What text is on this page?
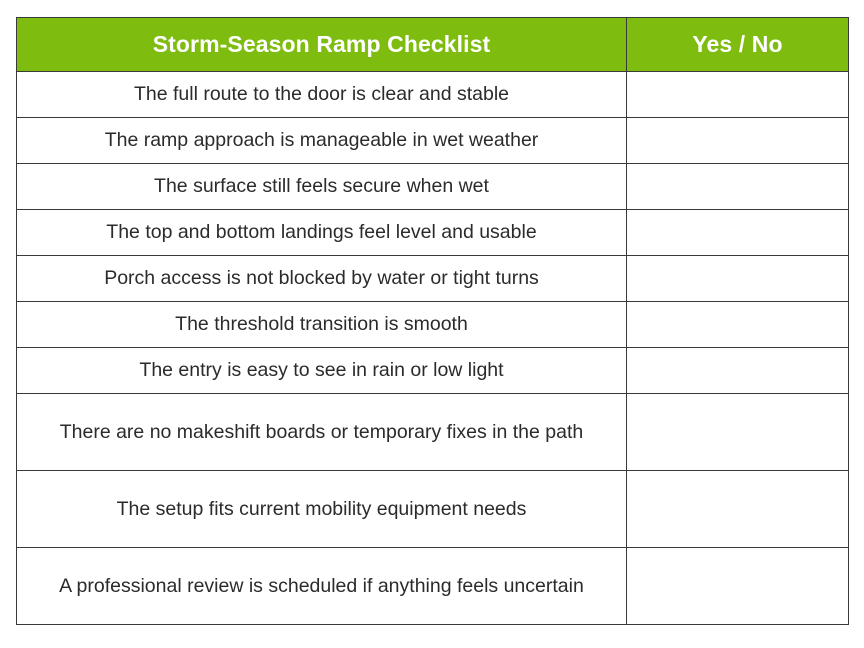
Storm-Season Ramp Checklist	Yes / No
The full route to the door is clear and stable	
The ramp approach is manageable in wet weather	
The surface still feels secure when wet	
The top and bottom landings feel level and usable	
Porch access is not blocked by water or tight turns	
The threshold transition is smooth	
The entry is easy to see in rain or low light	
There are no makeshift boards or temporary fixes in the path	
The setup fits current mobility equipment needs	
A professional review is scheduled if anything feels uncertain	
